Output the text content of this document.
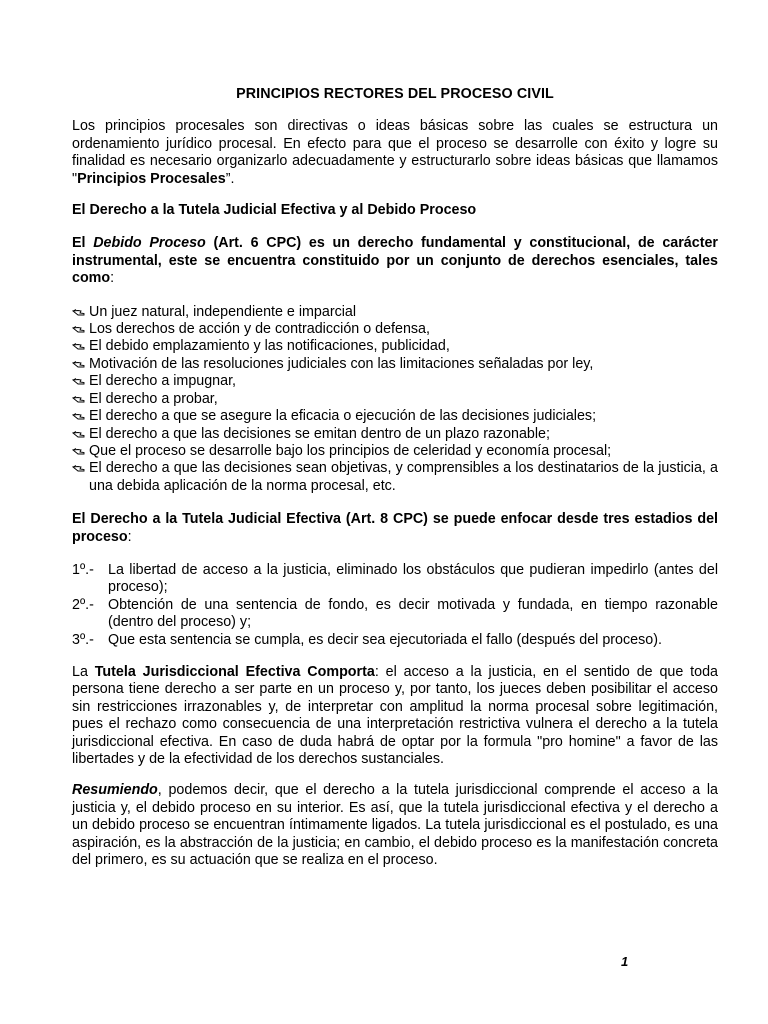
PRINCIPIOS RECTORES DEL PROCESO CIVIL

Los principios procesales son directivas o ideas básicas sobre las cuales se estructura un ordenamiento jurídico procesal. En efecto para que el proceso se desarrolle con éxito y logre su finalidad es necesario organizarlo adecuadamente y estructurarlo sobre ideas básicas que llamamos "Principios Procesales”.

El Derecho a la Tutela Judicial Efectiva y al Debido Proceso

El Debido Proceso (Art. 6 CPC) es un derecho fundamental y constitucional, de carácter instrumental, este se encuentra constituido por un conjunto de derechos esenciales, tales como:

Un juez natural, independiente e imparcial
Los derechos de acción y de contradicción o defensa,
El debido emplazamiento y las notificaciones, publicidad,
Motivación de las resoluciones judiciales con las limitaciones señaladas por ley,
El derecho a impugnar,
El derecho a probar,
El derecho a que se asegure la eficacia o ejecución de las decisiones judiciales;
El derecho a que las decisiones se emitan dentro de un plazo razonable;
Que el proceso se desarrolle bajo los principios de celeridad y economía procesal;
El derecho a que las decisiones sean objetivas, y comprensibles a los destinatarios de la justicia, a una debida aplicación de la norma procesal, etc.

El Derecho a la Tutela Judicial Efectiva (Art. 8 CPC) se puede enfocar desde tres estadios del proceso:

1º.- La libertad de acceso a la justicia, eliminado los obstáculos que pudieran impedirlo (antes del proceso);
2º.- Obtención de una sentencia de fondo, es decir motivada y fundada, en tiempo razonable (dentro del proceso) y;
3º.- Que esta sentencia se cumpla, es decir sea ejecutoriada el fallo (después del proceso).

La Tutela Jurisdiccional Efectiva Comporta: el acceso a la justicia, en el sentido de que toda persona tiene derecho a ser parte en un proceso y, por tanto, los jueces deben posibilitar el acceso sin restricciones irrazonables y, de interpretar con amplitud la norma procesal sobre legitimación, pues el rechazo como consecuencia de una interpretación restrictiva vulnera el derecho a la tutela jurisdiccional efectiva. En caso de duda habrá de optar por la formula "pro homine" a favor de las libertades y de la efectividad de los derechos sustanciales.

Resumiendo, podemos decir, que el derecho a la tutela jurisdiccional comprende el acceso a la justicia y, el debido proceso en su interior. Es así, que la tutela jurisdiccional efectiva y el derecho a un debido proceso se encuentran íntimamente ligados. La tutela jurisdiccional es el postulado, es una aspiración, es la abstracción de la justicia; en cambio, el debido proceso es la manifestación concreta del primero, es su actuación que se realiza en el proceso.

1
